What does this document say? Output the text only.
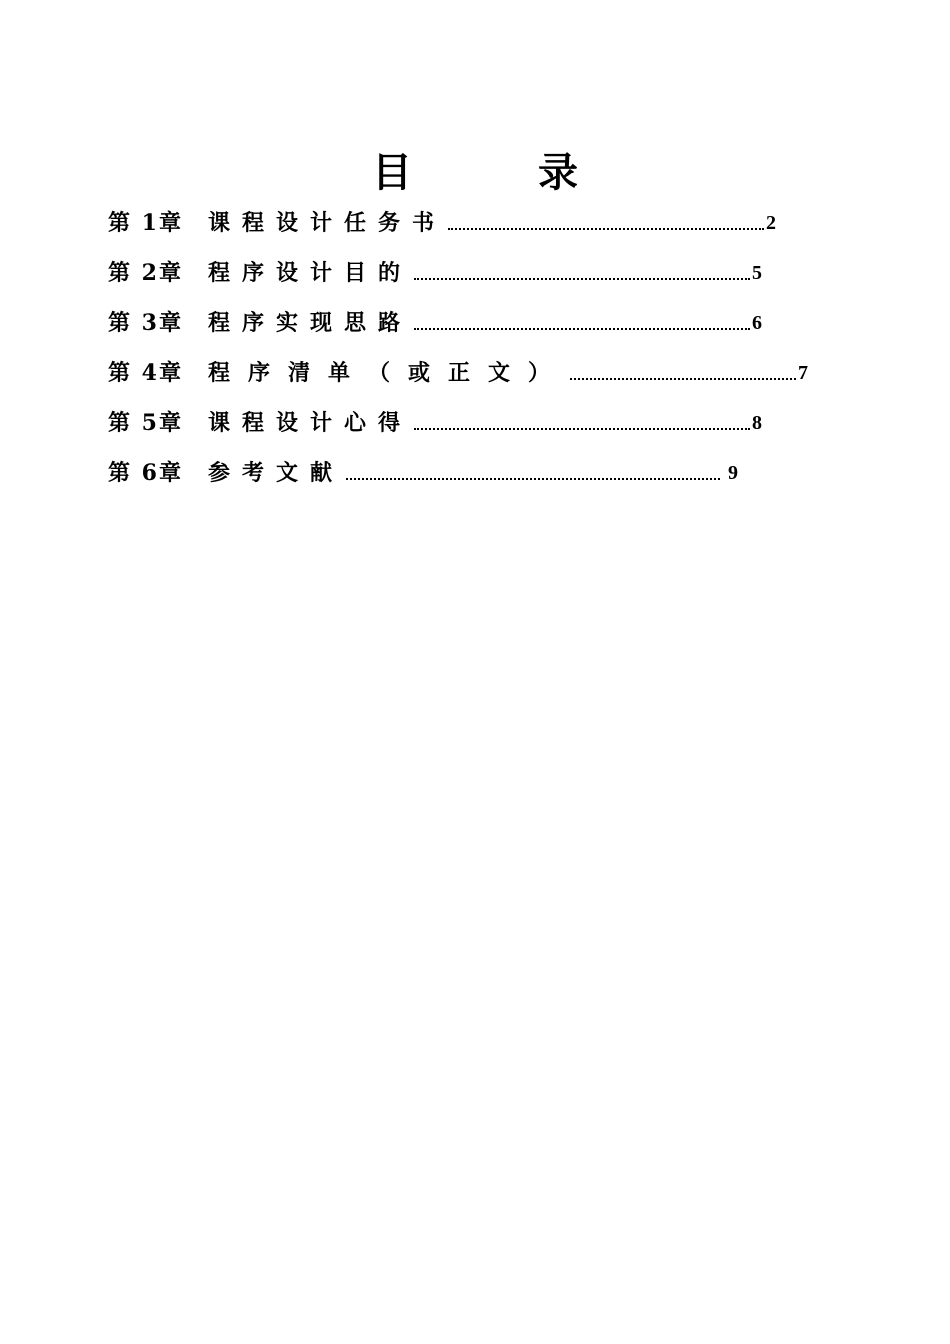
目 录
第 1章	课程设计任务书	2
第 2章	程序设计目的	5
第 3章	程序实现思路	6
第 4章	程序清单（或正文）	7
第 5章	课程设计心得	8
第 6章	参考文献	9
